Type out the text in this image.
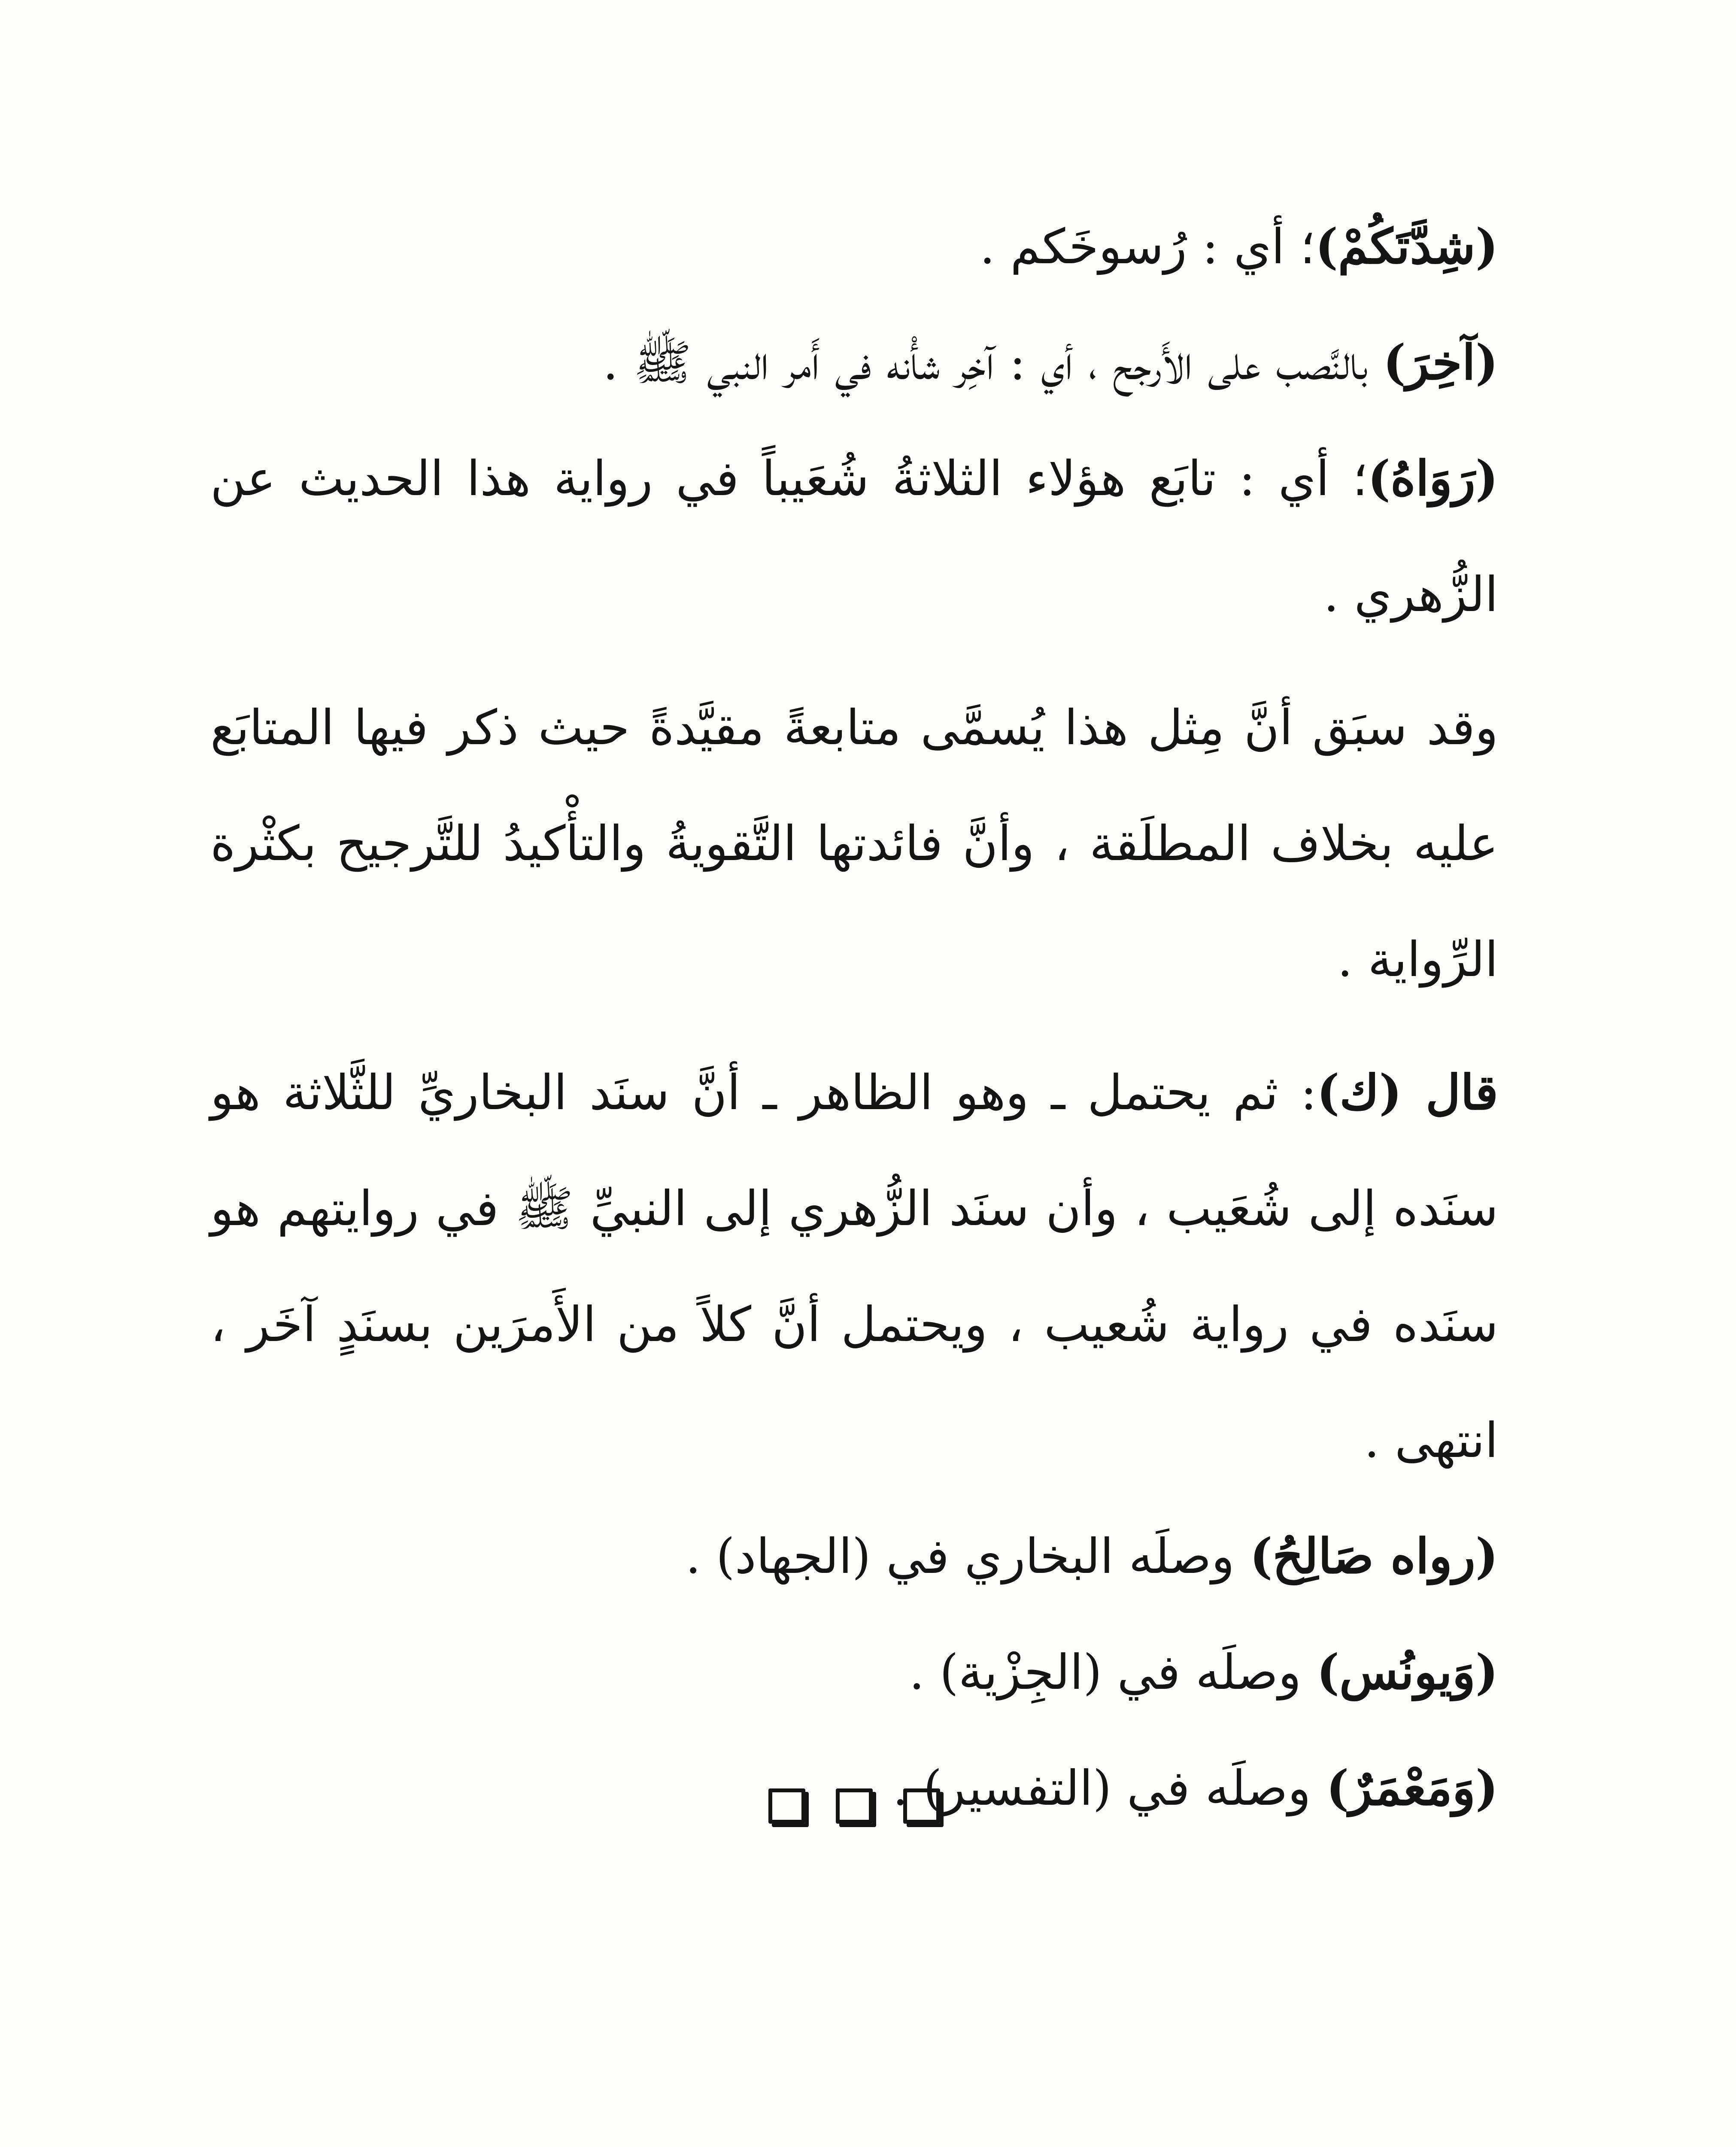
(شِدَّتَكُمْ)؛ أي : رُسوخَكم .

(آخِرَ) بالنَّصب على الأَرجح ، أي : آخِر شأْنه في أَمر النبي ﷺ .

(رَوَاهُ)؛ أي : تابَع هؤلاء الثلاثةُ شُعَيباً في رواية هذا الحديث عن الزُّهري .

وقد سبَق أنَّ مِثل هذا يُسمَّى متابعةً مقيَّدةً حيث ذكر فيها المتابَع عليه بخلاف المطلَقة ، وأنَّ فائدتها التَّقويةُ والتأْكيدُ للتَّرجيح بكثْرة الرِّواية .

قال (ك): ثم يحتمل ـ وهو الظاهر ـ أنَّ سنَد البخاريِّ للثَّلاثة هو سنَده إلى شُعَيب ، وأن سنَد الزُّهري إلى النبيِّ ﷺ في روايتهم هو سنَده في رواية شُعيب ، ويحتمل أنَّ كلاً من الأَمرَين بسنَدٍ آخَر ، انتهى .

(رواه صَالِحُ) وصلَه البخاري في (الجهاد) .

(وَيونُس) وصلَه في (الجِزْية) .

(وَمَعْمَرٌ) وصلَه في (التفسير) .
